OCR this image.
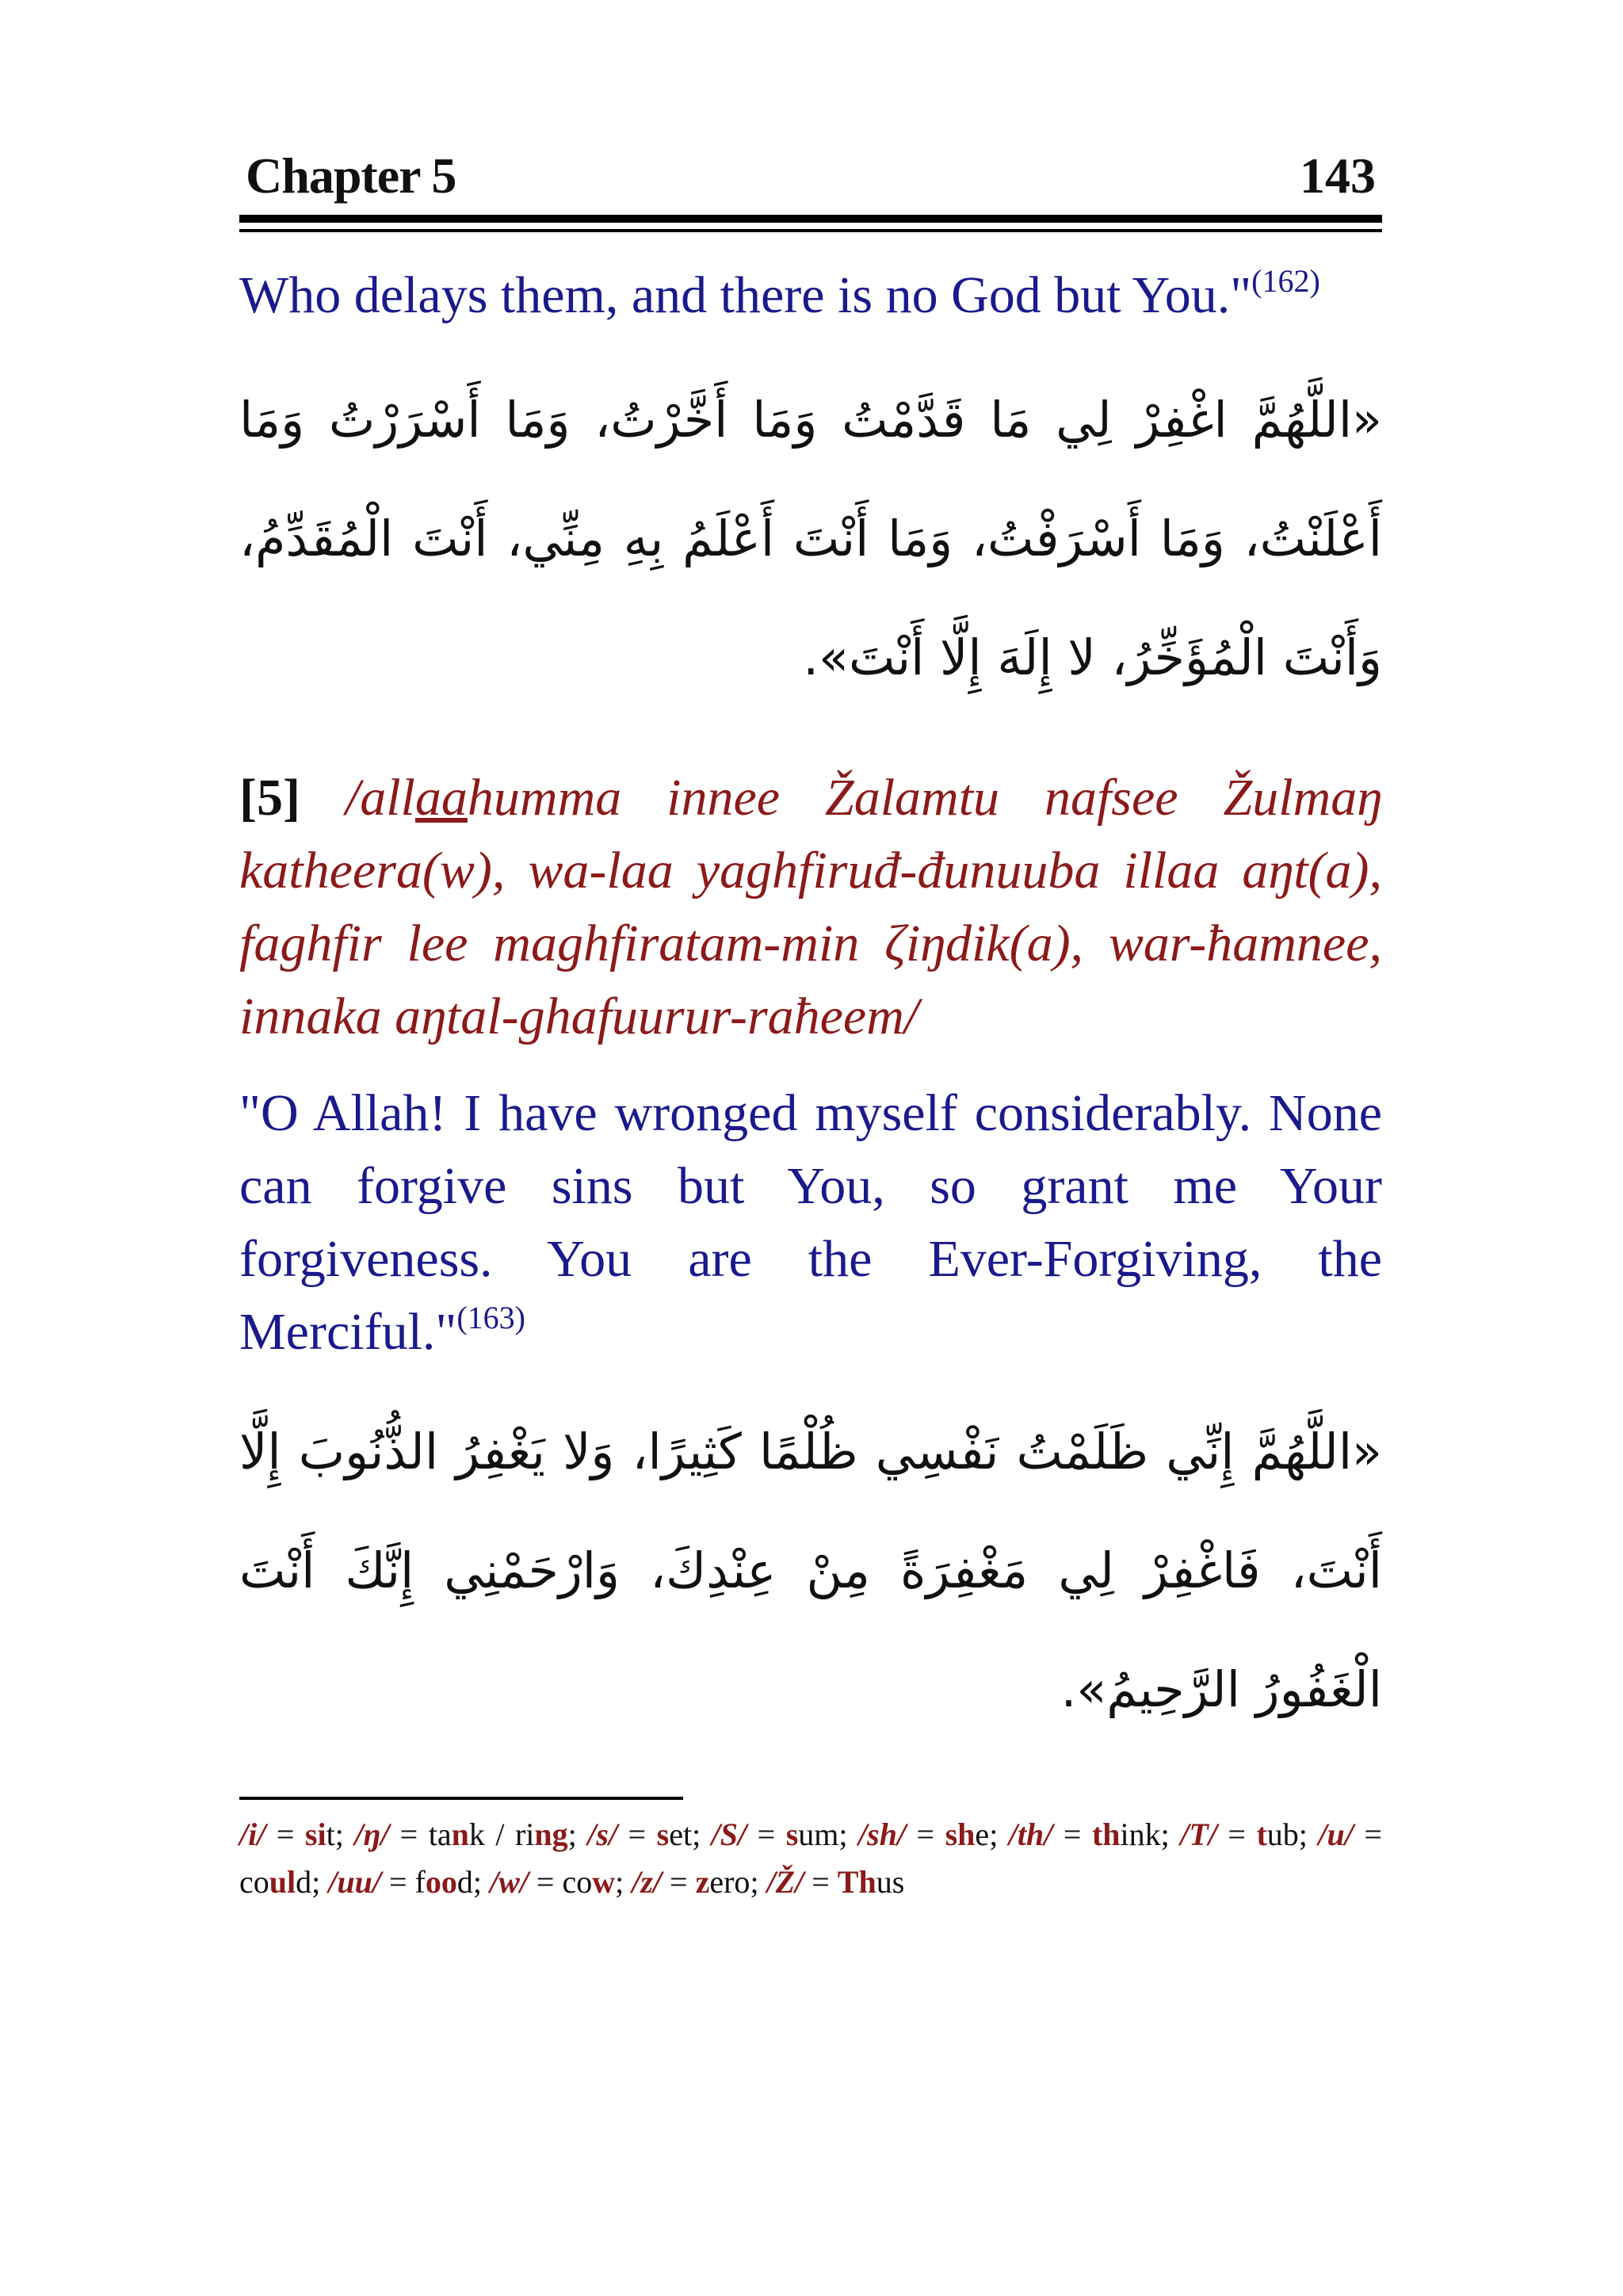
Chapter 5	143

Who delays them, and there is no God but You."$^{(162)}$

«اللَّهُمَّ اغْفِرْ لِي مَا قَدَّمْتُ وَمَا أَخَّرْتُ، وَمَا أَسْرَرْتُ وَمَا أَعْلَنْتُ، وَمَا أَسْرَفْتُ، وَمَا أَنْتَ أَعْلَمُ بِهِ مِنِّي، أَنْتَ الْمُقَدِّمُ، وَأَنْتَ الْمُؤَخِّرُ، لا إِلَهَ إِلَّا أَنْتَ».

[5] /allaahumma innee Žalamtu nafsee Žulmaŋ katheera(w), wa-laa yaghfiruđ-đunuuba illaa aŋt(a), faghfir lee maghfiratam-min ζiŋdik(a), war-ħamnee, innaka aŋtal-ghafuurur-raħeem/

"O Allah! I have wronged myself considerably. None can forgive sins but You, so grant me Your forgiveness. You are the Ever-Forgiving, the Merciful."$^{(163)}$

«اللَّهُمَّ إِنِّي ظَلَمْتُ نَفْسِي ظُلْمًا كَثِيرًا، وَلا يَغْفِرُ الذُّنُوبَ إِلَّا أَنْتَ، فَاغْفِرْ لِي مَغْفِرَةً مِنْ عِنْدِكَ، وَارْحَمْنِي إِنَّكَ أَنْتَ الْغَفُورُ الرَّحِيمُ».

/i/ = sit; /ŋ/ = tank / ring; /s/ = set; /S/ = sum; /sh/ = she; /th/ = think; /T/ = tub; /u/ = could; /uu/ = food; /w/ = cow; /z/ = zero; /Ž/ = Thus
